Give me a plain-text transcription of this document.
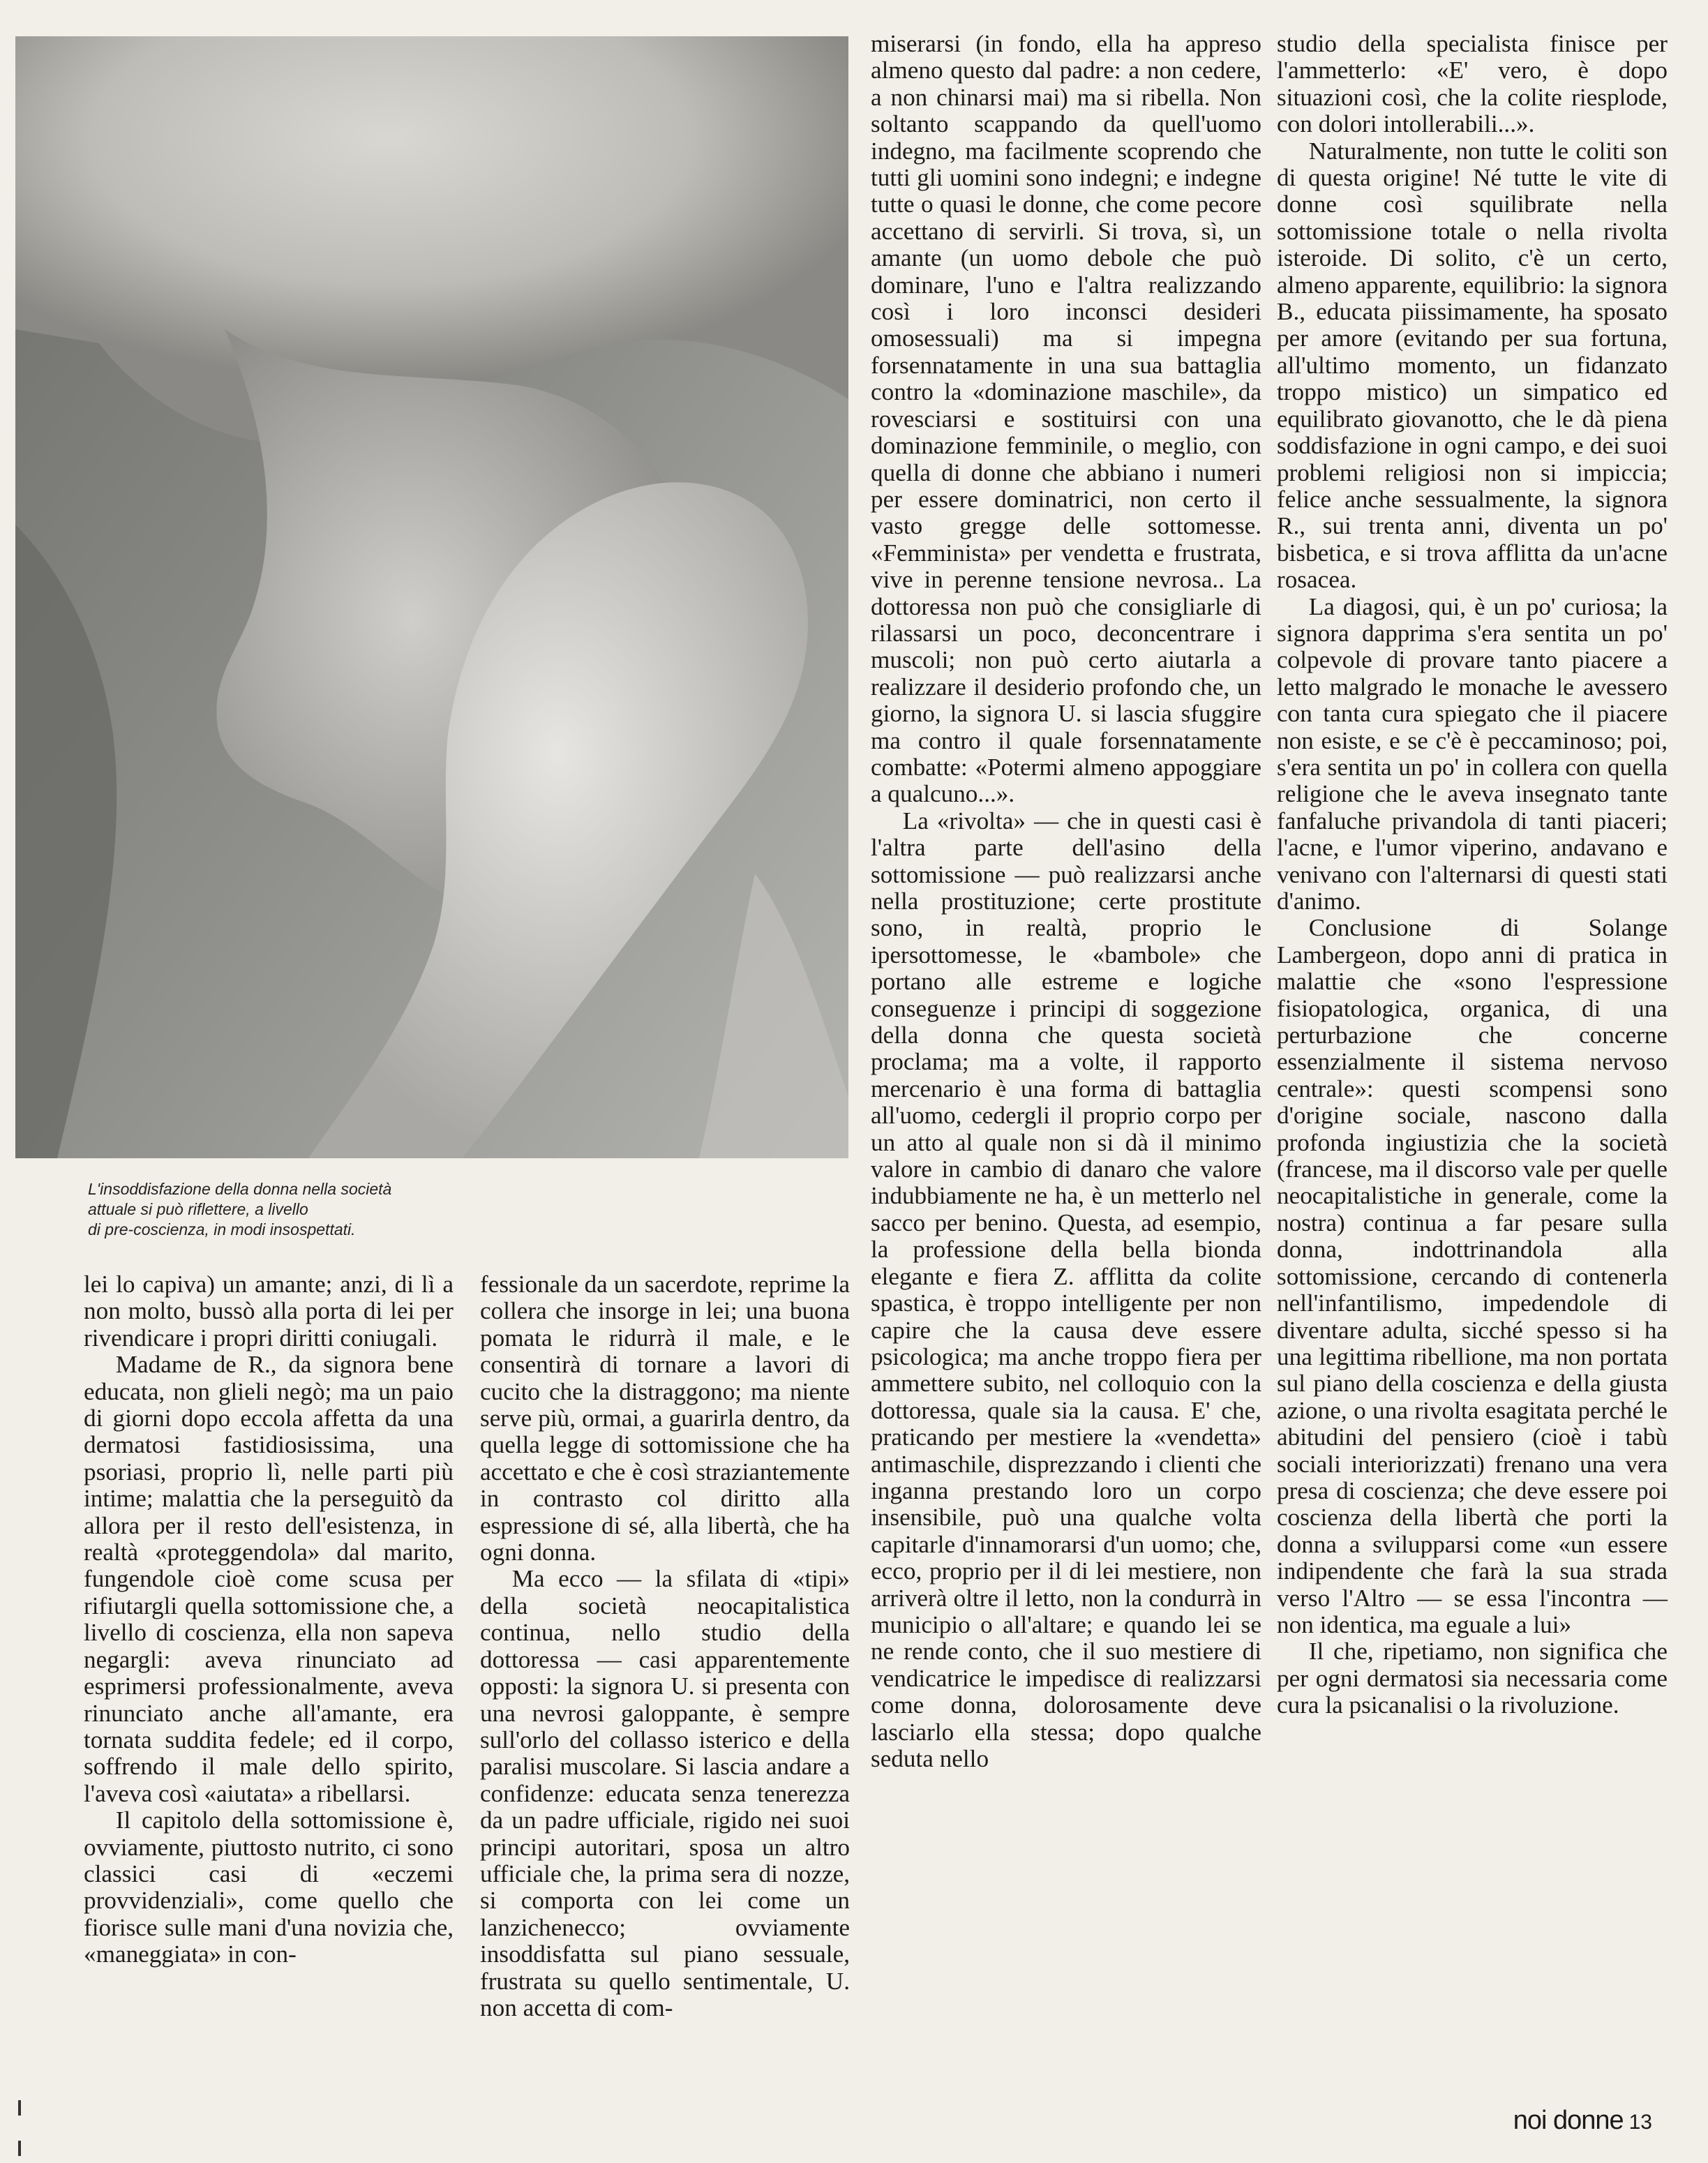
L'insoddisfazione della donna nella società

attuale si può riflettere, a livello

di pre-coscienza, in modi insospettati.

lei lo capiva) un amante; anzi, di lì a non molto, bussò alla porta di lei per rivendicare i propri diritti coniugali.

Madame de R., da signora bene educata, non glieli negò; ma un paio di giorni dopo eccola affetta da una dermatosi fastidiosissima, una psoriasi, proprio lì, nelle parti più intime; malattia che la perseguitò da allora per il resto dell'esistenza, in realtà «proteggendola» dal marito, fungendole cioè come scusa per rifiutargli quella sottomissione che, a livello di coscienza, ella non sapeva negargli: aveva rinunciato ad esprimersi professionalmente, aveva rinunciato anche all'amante, era tornata suddita fedele; ed il corpo, soffrendo il male dello spirito, l'aveva così «aiutata» a ribellarsi.

Il capitolo della sottomissione è, ovviamente, piuttosto nutrito, ci sono classici casi di «eczemi provvidenziali», come quello che fiorisce sulle mani d'una novizia che, «maneggiata» in con-

fessionale da un sacerdote, reprime la collera che insorge in lei; una buona pomata le ridurrà il male, e le consentirà di tornare a lavori di cucito che la distraggono; ma niente serve più, ormai, a guarirla dentro, da quella legge di sottomissione che ha accettato e che è così straziantemente in contrasto col diritto alla espressione di sé, alla libertà, che ha ogni donna.

Ma ecco — la sfilata di «tipi» della società neocapitalistica continua, nello studio della dottoressa — casi apparentemente opposti: la signora U. si presenta con una nevrosi galoppante, è sempre sull'orlo del collasso isterico e della paralisi muscolare. Si lascia andare a confidenze: educata senza tenerezza da un padre ufficiale, rigido nei suoi principi autoritari, sposa un altro ufficiale che, la prima sera di nozze, si comporta con lei come un lanzichenecco; ovviamente insoddisfatta sul piano sessuale, frustrata su quello sentimentale, U. non accetta di com-

miserarsi (in fondo, ella ha appreso almeno questo dal padre: a non cedere, a non chinarsi mai) ma si ribella. Non soltanto scappando da quell'uomo indegno, ma facilmente scoprendo che tutti gli uomini sono indegni; e indegne tutte o quasi le donne, che come pecore accettano di servirli. Si trova, sì, un amante (un uomo debole che può dominare, l'uno e l'altra realizzando così i loro inconsci desideri omosessuali) ma si impegna forsennatamente in una sua battaglia contro la «dominazione maschile», da rovesciarsi e sostituirsi con una dominazione femminile, o meglio, con quella di donne che abbiano i numeri per essere dominatrici, non certo il vasto gregge delle sottomesse. «Femminista» per vendetta e frustrata, vive in perenne tensione nevrosa.. La dottoressa non può che consigliarle di rilassarsi un poco, deconcentrare i muscoli; non può certo aiutarla a realizzare il desiderio profondo che, un giorno, la signora U. si lascia sfuggire ma contro il quale forsennatamente combatte: «Potermi almeno appoggiare a qualcuno...».

La «rivolta» — che in questi casi è l'altra parte dell'asino della sottomissione — può realizzarsi anche nella prostituzione; certe prostitute sono, in realtà, proprio le ipersottomesse, le «bambole» che portano alle estreme e logiche conseguenze i principi di soggezione della donna che questa società proclama; ma a volte, il rapporto mercenario è una forma di battaglia all'uomo, cedergli il proprio corpo per un atto al quale non si dà il minimo valore in cambio di danaro che valore indubbiamente ne ha, è un metterlo nel sacco per benino. Questa, ad esempio, la professione della bella bionda elegante e fiera Z. afflitta da colite spastica, è troppo intelligente per non capire che la causa deve essere psicologica; ma anche troppo fiera per ammettere subito, nel colloquio con la dottoressa, quale sia la causa. E' che, praticando per mestiere la «vendetta» antimaschile, disprezzando i clienti che inganna prestando loro un corpo insensibile, può una qualche volta capitarle d'innamorarsi d'un uomo; che, ecco, proprio per il di lei mestiere, non arriverà oltre il letto, non la condurrà in municipio o all'altare; e quando lei se ne rende conto, che il suo mestiere di vendicatrice le impedisce di realizzarsi come donna, dolorosamente deve lasciarlo ella stessa; dopo qualche seduta nello

studio della specialista finisce per l'ammetterlo: «E' vero, è dopo situazioni così, che la colite riesplode, con dolori intollerabili...».

Naturalmente, non tutte le coliti son di questa origine! Né tutte le vite di donne così squilibrate nella sottomissione totale o nella rivolta isteroide. Di solito, c'è un certo, almeno apparente, equilibrio: la signora B., educata piissimamente, ha sposato per amore (evitando per sua fortuna, all'ultimo momento, un fidanzato troppo mistico) un simpatico ed equilibrato giovanotto, che le dà piena soddisfazione in ogni campo, e dei suoi problemi religiosi non si impiccia; felice anche sessualmente, la signora R., sui trenta anni, diventa un po' bisbetica, e si trova afflitta da un'acne rosacea.

La diagosi, qui, è un po' curiosa; la signora dapprima s'era sentita un po' colpevole di provare tanto piacere a letto malgrado le monache le avessero con tanta cura spiegato che il piacere non esiste, e se c'è è peccaminoso; poi, s'era sentita un po' in collera con quella religione che le aveva insegnato tante fanfaluche privandola di tanti piaceri; l'acne, e l'umor viperino, andavano e venivano con l'alternarsi di questi stati d'animo.

Conclusione di Solange Lambergeon, dopo anni di pratica in malattie che «sono l'espressione fisiopatologica, organica, di una perturbazione che concerne essenzialmente il sistema nervoso centrale»: questi scompensi sono d'origine sociale, nascono dalla profonda ingiustizia che la società (francese, ma il discorso vale per quelle neocapitalistiche in generale, come la nostra) continua a far pesare sulla donna, indottrinandola alla sottomissione, cercando di contenerla nell'infantilismo, impedendole di diventare adulta, sicché spesso si ha una legittima ribellione, ma non portata sul piano della coscienza e della giusta azione, o una rivolta esagitata perché le abitudini del pensiero (cioè i tabù sociali interiorizzati) frenano una vera presa di coscienza; che deve essere poi coscienza della libertà che porti la donna a svilupparsi come «un essere indipendente che farà la sua strada verso l'Altro — se essa l'incontra — non identica, ma eguale a lui»

Il che, ripetiamo, non significa che per ogni dermatosi sia necessaria come cura la psicanalisi o la rivoluzione.

noi donne 13
